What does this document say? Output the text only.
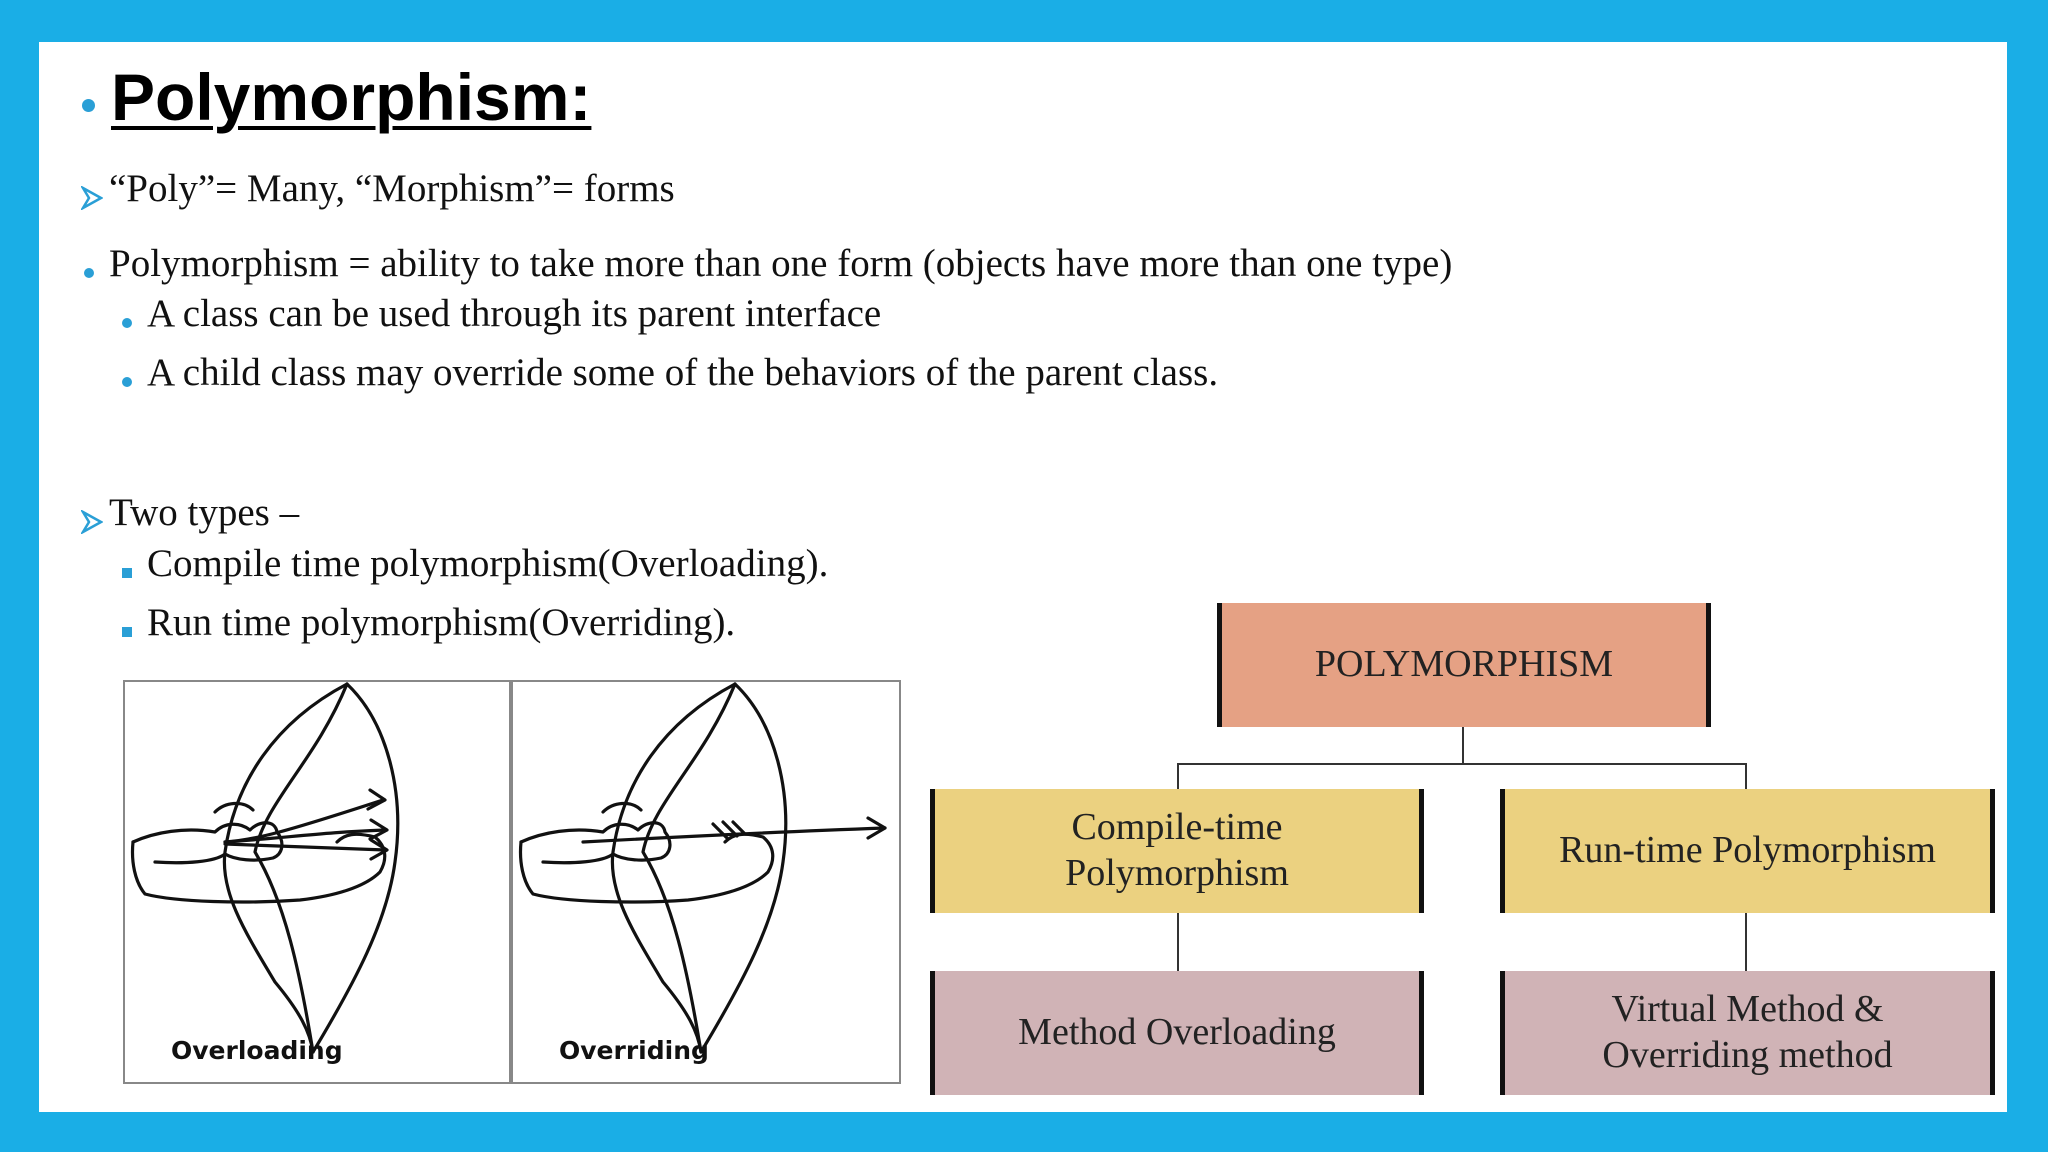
Polymorphism:
“Poly”= Many, “Morphism”= forms
Polymorphism = ability to take more than one form (objects have more than one type)
A class can be used through its parent interface
A child class may override some of the behaviors of the parent class.
Two types –
Compile time polymorphism(Overloading).
Run time polymorphism(Overriding).
Overloading	Overriding
POLYMORPHISM
Compile-time
Polymorphism
Run-time Polymorphism
Method Overloading
Virtual Method &
Overriding method
